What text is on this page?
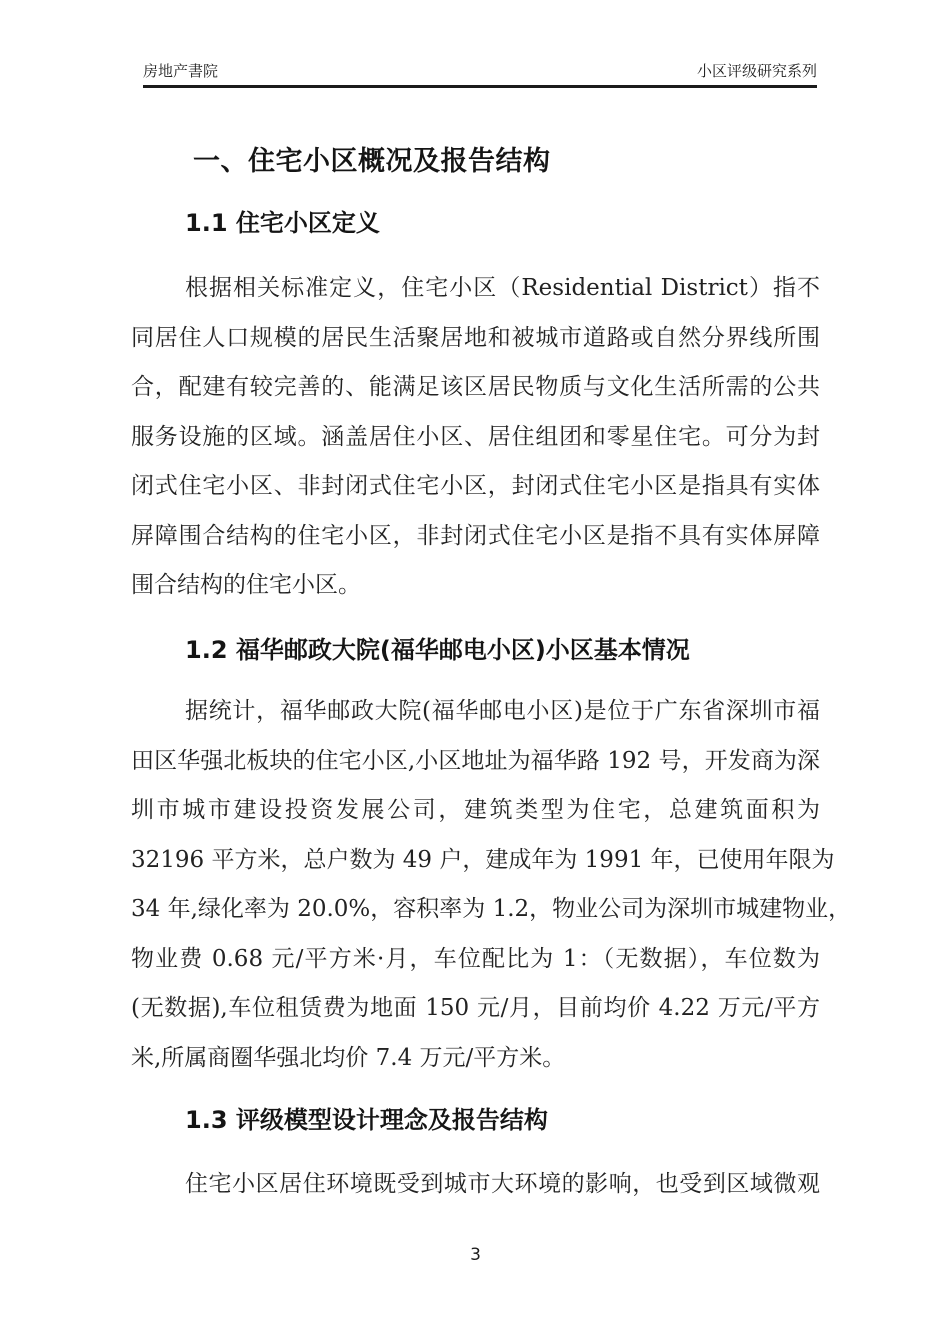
房地产書院	小区评级研究系列
一、住宅小区概况及报告结构
1.1 住宅小区定义
根据相关标准定义，住宅小区（Residential District）指不
同居住人口规模的居民生活聚居地和被城市道路或自然分界线所围
合，配建有较完善的、能满足该区居民物质与文化生活所需的公共
服务设施的区域。涵盖居住小区、居住组团和零星住宅。可分为封
闭式住宅小区、非封闭式住宅小区，封闭式住宅小区是指具有实体
屏障围合结构的住宅小区，非封闭式住宅小区是指不具有实体屏障
围合结构的住宅小区。
1.2 福华邮政大院(福华邮电小区)小区基本情况
据统计，福华邮政大院(福华邮电小区)是位于广东省深圳市福
田区华强北板块的住宅小区,小区地址为福华路 192 号，开发商为深
圳市城市建设投资发展公司，建筑类型为住宅，总建筑面积为
32196 平方米，总户数为 49 户，建成年为 1991 年，已使用年限为
34 年,绿化率为 20.0%，容积率为 1.2，物业公司为深圳市城建物业，
物业费 0.68 元/平方米·月，车位配比为 1：（无数据），车位数为
(无数据),车位租赁费为地面 150 元/月，目前均价 4.22 万元/平方
米,所属商圈华强北均价 7.4 万元/平方米。
1.3 评级模型设计理念及报告结构
住宅小区居住环境既受到城市大环境的影响，也受到区域微观
3
